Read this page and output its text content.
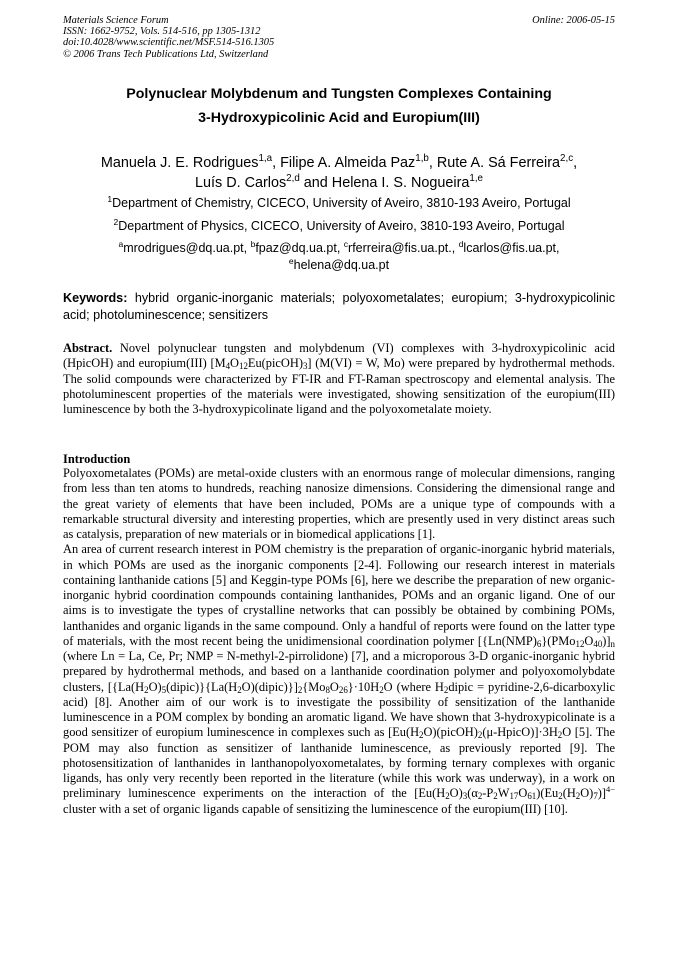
Materials Science Forum
ISSN: 1662-9752, Vols. 514-516, pp 1305-1312
doi:10.4028/www.scientific.net/MSF.514-516.1305
© 2006 Trans Tech Publications Ltd, Switzerland
Online: 2006-05-15
Polynuclear Molybdenum and Tungsten Complexes Containing
3-Hydroxypicolinic Acid and Europium(III)
Manuela J. E. Rodrigues$^{1,a}$, Filipe A. Almeida Paz$^{1,b}$, Rute A. Sá Ferreira$^{2,c}$,
Luís D. Carlos$^{2,d}$ and Helena I. S. Nogueira$^{1,e}$
$^1$Department of Chemistry, CICECO, University of Aveiro, 3810-193 Aveiro, Portugal
$^2$Department of Physics, CICECO, University of Aveiro, 3810-193 Aveiro, Portugal
$^a$mrodrigues@dq.ua.pt, $^b$fpaz@dq.ua.pt, $^c$rferreira@fis.ua.pt., $^d$lcarlos@fis.ua.pt,
$^e$helena@dq.ua.pt
Keywords: hybrid organic-inorganic materials; polyoxometalates; europium; 3-hydroxypicolinic acid; photoluminescence; sensitizers
Abstract. Novel polynuclear tungsten and molybdenum (VI) complexes with 3-hydroxypicolinic acid (HpicOH) and europium(III) $[M_4O_{12}Eu(picOH)_3] (M(VI) = W$, Mo) were prepared by hydrothermal methods. The solid compounds were characterized by FT-IR and FT-Raman spectroscopy and elemental analysis. The photoluminescent properties of the materials were investigated, showing sensitization of the europium(III) luminescence by both the 3-hydroxypicolinate ligand and the polyoxometalate moiety.
Introduction

Polyoxometalates (POMs) are metal-oxide clusters with an enormous range of molecular dimensions, ranging from less than ten atoms to hundreds, reaching nanosize dimensions. Considering the dimensional range and the great variety of elements that have been included, POMs are a unique type of compounds with a remarkable structural diversity and interesting properties, which are presently used in very distinct areas such as catalysis, preparation of new materials or in biomedical applications [1].

An area of current research interest in POM chemistry is the preparation of organic-inorganic hybrid materials, in which POMs are used as the inorganic components [2-4]. Following our research interest in materials containing lanthanide cations [5] and Keggin-type POMs [6], here we describe the preparation of new organic-inorganic hybrid coordination compounds containing lanthanides, POMs and an organic ligand. One of our aims is to investigate the types of crystalline networks that can possibly be obtained by combining POMs, lanthanides and organic ligands in the same compound. Only a handful of reports were found on the latter type of materials, with the most recent being the unidimensional coordination polymer $[\{Ln(NMP)_6\}(PMo_{12}O_{40})]_n$ (where Ln = La, Ce, Pr; NMP = N-methyl-2-pirrolidone) [7], and a microporous 3-D organic-inorganic hybrid prepared by hydrothermal methods, and based on a lanthanide coordination polymer and polyoxomolybdate clusters, $[\{La(H_2O)_5(dipic)\}\{La(H_2O)(dipic)\}]_2\{Mo_8O_{26}\}\cdot 10H_2O$ (where $H_2dipic$ = pyridine-2,6-dicarboxylic acid) [8]. Another aim of our work is to investigate the possibility of sensitization of the lanthanide luminescence in a POM complex by bonding an aromatic ligand. We have shown that 3-hydroxypicolinate is a good sensitizer of europium luminescence in complexes such as $[Eu(H_2O)(picOH)_2(\mu-HpicO)]\cdot 3H_2O$ [5]. The POM may also function as sensitizer of lanthanide luminescence, as previously reported [9]. The photosensitization of lanthanides in lanthanopolyoxometalates, by forming ternary complexes with organic ligands, has only very recently been reported in the literature (while this work was underway), in a work on preliminary luminescence experiments on the interaction of the $[Eu(H_2O)_3(\alpha_2-P_2W_{17}O_{61})(Eu_2(H_2O)_7)]^{4-}$ cluster with a set of organic ligands capable of sensitizing the luminescence of the europium(III) [10].
